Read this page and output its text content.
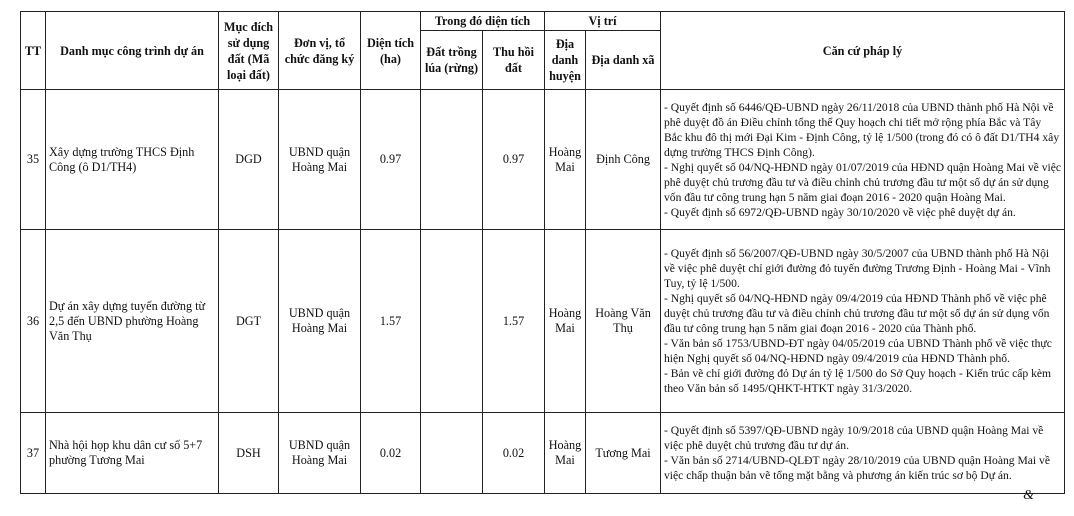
TT	Danh mục công trình dự án	Mục đích sử dụng đất (Mã loại đất)	Đơn vị, tổ chức đăng ký	Diện tích (ha)	Trong đó diện tích		Vị trí		Căn cứ pháp lý
					Đất trồng lúa (rừng)	Thu hồi đất	Địa danh huyện	Địa danh xã	
35	Xây dựng trường THCS Định Công (ô D1/TH4)	DGD	UBND quận Hoàng Mai	0.97		0.97	Hoàng Mai	Định Công	- Quyết định số 6446/QĐ-UBND ngày 26/11/2018 của UBND thành phố Hà Nội về phê duyệt đồ án Điều chỉnh tổng thể Quy hoạch chi tiết mở rộng phía Bắc và Tây Bắc khu đô thị mới Đại Kim - Định Công, tỷ lệ 1/500 (trong đó có ô đất D1/TH4 xây dựng trường THCS Định Công).
- Nghị quyết số 04/NQ-HĐND ngày 01/07/2019 của HĐND quận Hoàng Mai về việc phê duyệt chủ trương đầu tư và điều chỉnh chủ trương đầu tư một số dự án sử dụng vốn đầu tư công trung hạn 5 năm giai đoạn 2016 - 2020 quận Hoàng Mai.
- Quyết định số 6972/QĐ-UBND ngày 30/10/2020 về việc phê duyệt dự án.

36	Dự án xây dựng tuyến đường từ 2,5 đến UBND phường Hoàng Văn Thụ	DGT	UBND quận Hoàng Mai	1.57		1.57	Hoàng Mai	Hoàng Văn Thụ	- Quyết định số 56/2007/QĐ-UBND ngày 30/5/2007 của UBND thành phố Hà Nội về việc phê duyệt chỉ giới đường đỏ tuyến đường Trương Định - Hoàng Mai - Vĩnh Tuy, tỷ lệ 1/500.
- Nghị quyết số 04/NQ-HĐND ngày 09/4/2019 của HĐND Thành phố về việc phê duyệt chủ trương đầu tư và điều chỉnh chủ trương đầu tư một số dự án sử dụng vốn đầu tư công trung hạn 5 năm giai đoạn 2016 - 2020 của Thành phố.
- Văn bản số 1753/UBND-ĐT ngày 04/05/2019 của UBND Thành phố về việc thực hiện Nghị quyết số 04/NQ-HĐND ngày 09/4/2019 của HĐND Thành phố.
- Bản vẽ chỉ giới đường đỏ Dự án tỷ lệ 1/500 do Sở Quy hoạch - Kiến trúc cấp kèm theo Văn bản số 1495/QHKT-HTKT ngày 31/3/2020.

37	Nhà hội họp khu dân cư số 5+7 phường Tương Mai	DSH	UBND quận Hoàng Mai	0.02		0.02	Hoàng Mai	Tương Mai	- Quyết định số 5397/QĐ-UBND ngày 10/9/2018 của UBND quận Hoàng Mai về việc phê duyệt chủ trương đầu tư dự án.
- Văn bản số 2714/UBND-QLĐT ngày 28/10/2019 của UBND quận Hoàng Mai về việc chấp thuận bản vẽ tổng mặt bằng và phương án kiến trúc sơ bộ Dự án.
&
